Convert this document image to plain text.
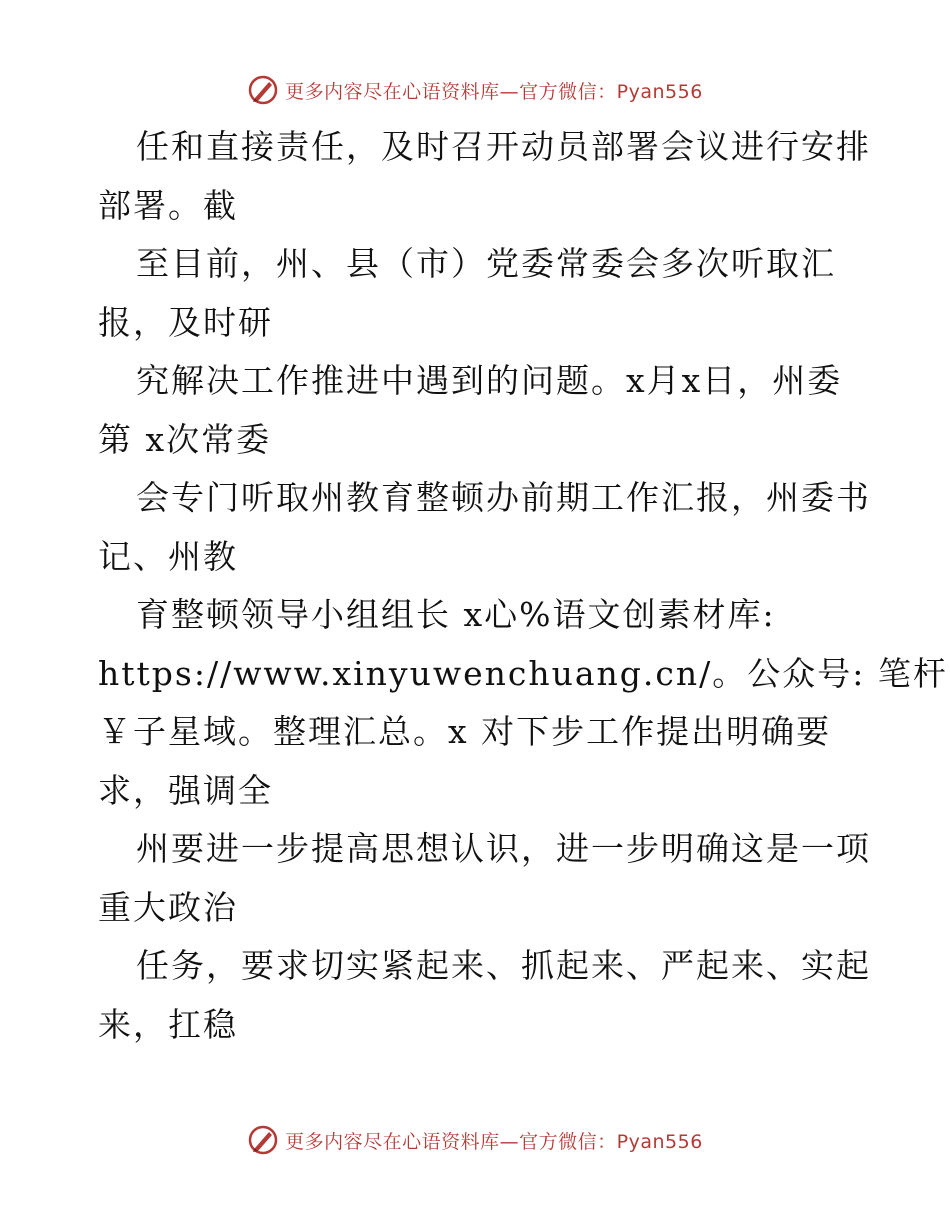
更多内容尽在心语资料库—官方微信：Pyan556
任和直接责任，及时召开动员部署会议进行安排
部署。截
至目前，州、县（市）党委常委会多次听取汇
报，及时研
究解决工作推进中遇到的问题。x月x日，州委
第 x次常委
会专门听取州教育整顿办前期工作汇报，州委书
记、州教
育整顿领导小组组长 x心%语文创素材库:
https://www.xinyuwenchuang.cn/。公众号: 笔杆
￥子星域。整理汇总。x 对下步工作提出明确要
求，强调全
州要进一步提高思想认识，进一步明确这是一项
重大政治
任务，要求切实紧起来、抓起来、严起来、实起
来，扛稳
更多内容尽在心语资料库—官方微信：Pyan556
